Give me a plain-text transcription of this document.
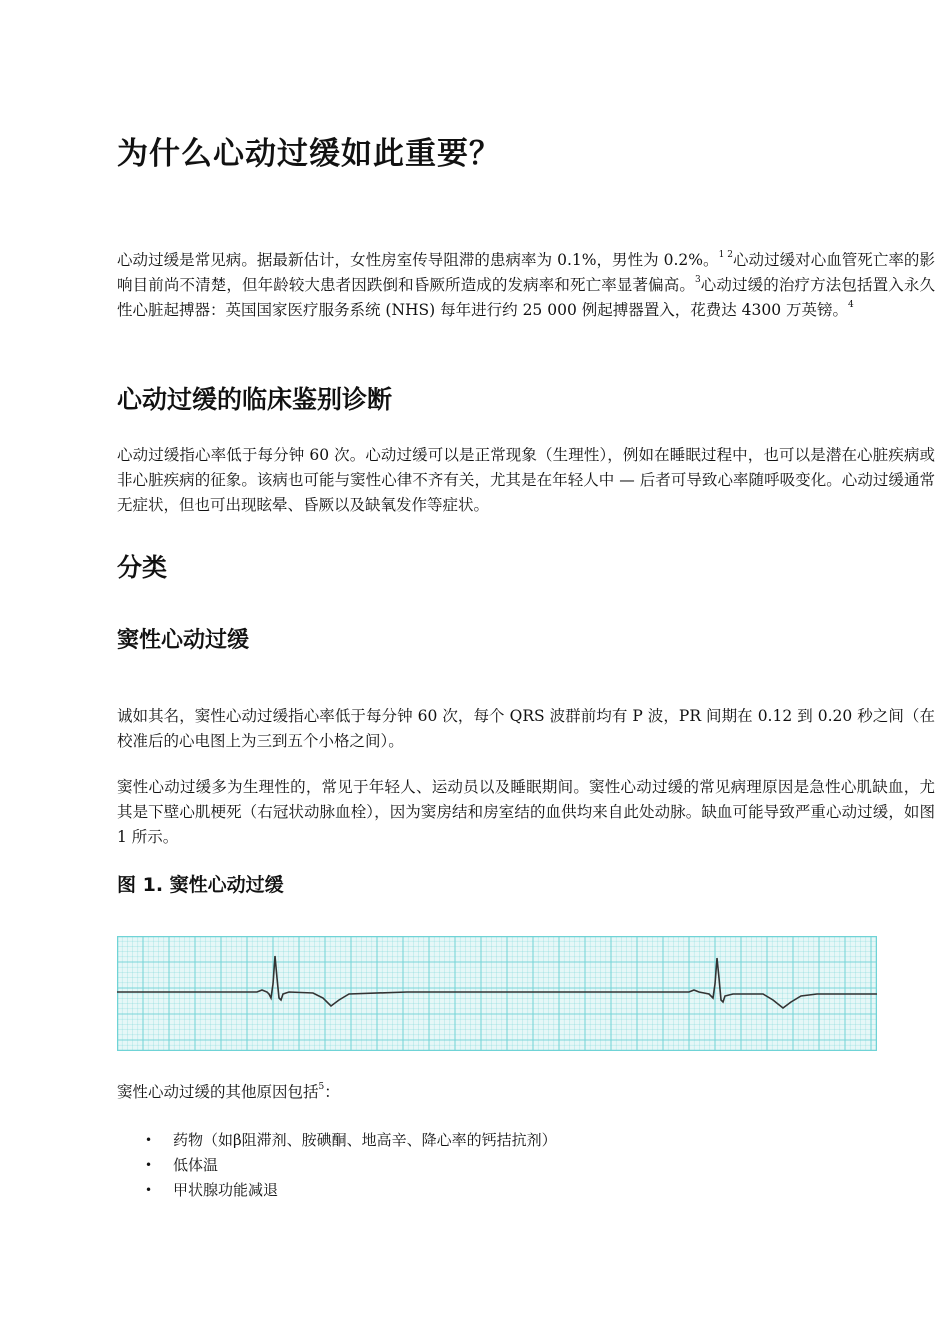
为什么心动过缓如此重要？

心动过缓是常见病。据最新估计，女性房室传导阻滞的患病率为 0.1%，男性为 0.2%。$^{1 2}$心动过缓对心血管死亡率的影响目前尚不清楚，但年龄较大患者因跌倒和昏厥所造成的发病率和死亡率显著偏高。$^3$心动过缓的治疗方法包括置入永久性心脏起搏器：英国国家医疗服务系统 (NHS) 每年进行约 25 000 例起搏器置入，花费达 4300 万英镑。$^4$

心动过缓的临床鉴别诊断

心动过缓指心率低于每分钟 60 次。心动过缓可以是正常现象（生理性），例如在睡眠过程中，也可以是潜在心脏疾病或非心脏疾病的征象。该病也可能与窦性心律不齐有关，尤其是在年轻人中 — 后者可导致心率随呼吸变化。心动过缓通常无症状，但也可出现眩晕、昏厥以及缺氧发作等症状。

分类
窦性心动过缓

诚如其名，窦性心动过缓指心率低于每分钟 60 次，每个 QRS 波群前均有 P 波，PR 间期在 0.12 到 0.20 秒之间（在校准后的心电图上为三到五个小格之间）。

窦性心动过缓多为生理性的，常见于年轻人、运动员以及睡眠期间。窦性心动过缓的常见病理原因是急性心肌缺血，尤其是下壁心肌梗死（右冠状动脉血栓），因为窦房结和房室结的血供均来自此处动脉。缺血可能导致严重心动过缓，如图 1 所示。

图 1. 窦性心动过缓

窦性心动过缓的其他原因包括$^5$：

• 药物（如β阻滞剂、胺碘酮、地高辛、降心率的钙拮抗剂）
• 低体温
• 甲状腺功能减退
